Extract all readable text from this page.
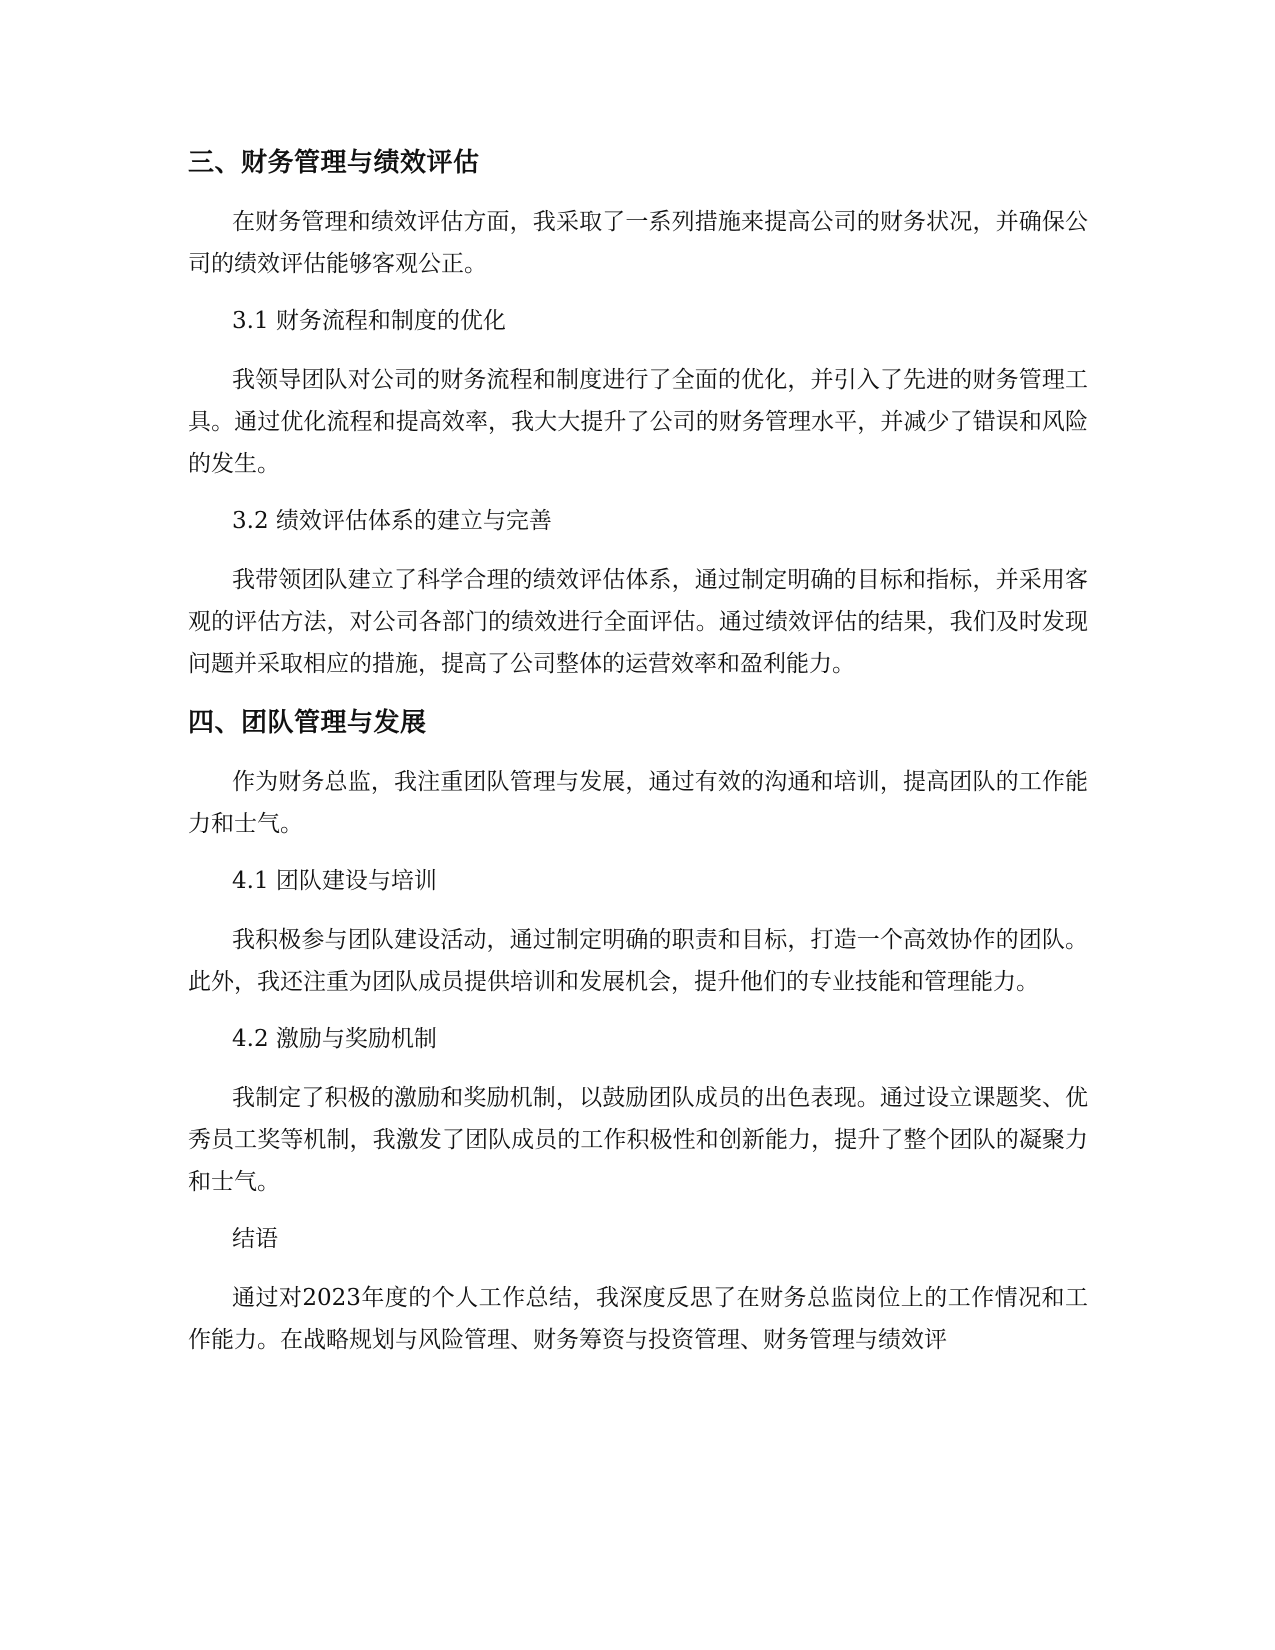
三、财务管理与绩效评估

在财务管理和绩效评估方面，我采取了一系列措施来提高公司的财务状况，并确保公司的绩效评估能够客观公正。

3.1 财务流程和制度的优化

我领导团队对公司的财务流程和制度进行了全面的优化，并引入了先进的财务管理工具。通过优化流程和提高效率，我大大提升了公司的财务管理水平，并减少了错误和风险的发生。

3.2 绩效评估体系的建立与完善

我带领团队建立了科学合理的绩效评估体系，通过制定明确的目标和指标，并采用客观的评估方法，对公司各部门的绩效进行全面评估。通过绩效评估的结果，我们及时发现问题并采取相应的措施，提高了公司整体的运营效率和盈利能力。

四、团队管理与发展

作为财务总监，我注重团队管理与发展，通过有效的沟通和培训，提高团队的工作能力和士气。

4.1 团队建设与培训

我积极参与团队建设活动，通过制定明确的职责和目标，打造一个高效协作的团队。此外，我还注重为团队成员提供培训和发展机会，提升他们的专业技能和管理能力。

4.2 激励与奖励机制

我制定了积极的激励和奖励机制，以鼓励团队成员的出色表现。通过设立课题奖、优秀员工奖等机制，我激发了团队成员的工作积极性和创新能力，提升了整个团队的凝聚力和士气。

结语

通过对2023年度的个人工作总结，我深度反思了在财务总监岗位上的工作情况和工作能力。在战略规划与风险管理、财务筹资与投资管理、财务管理与绩效评
